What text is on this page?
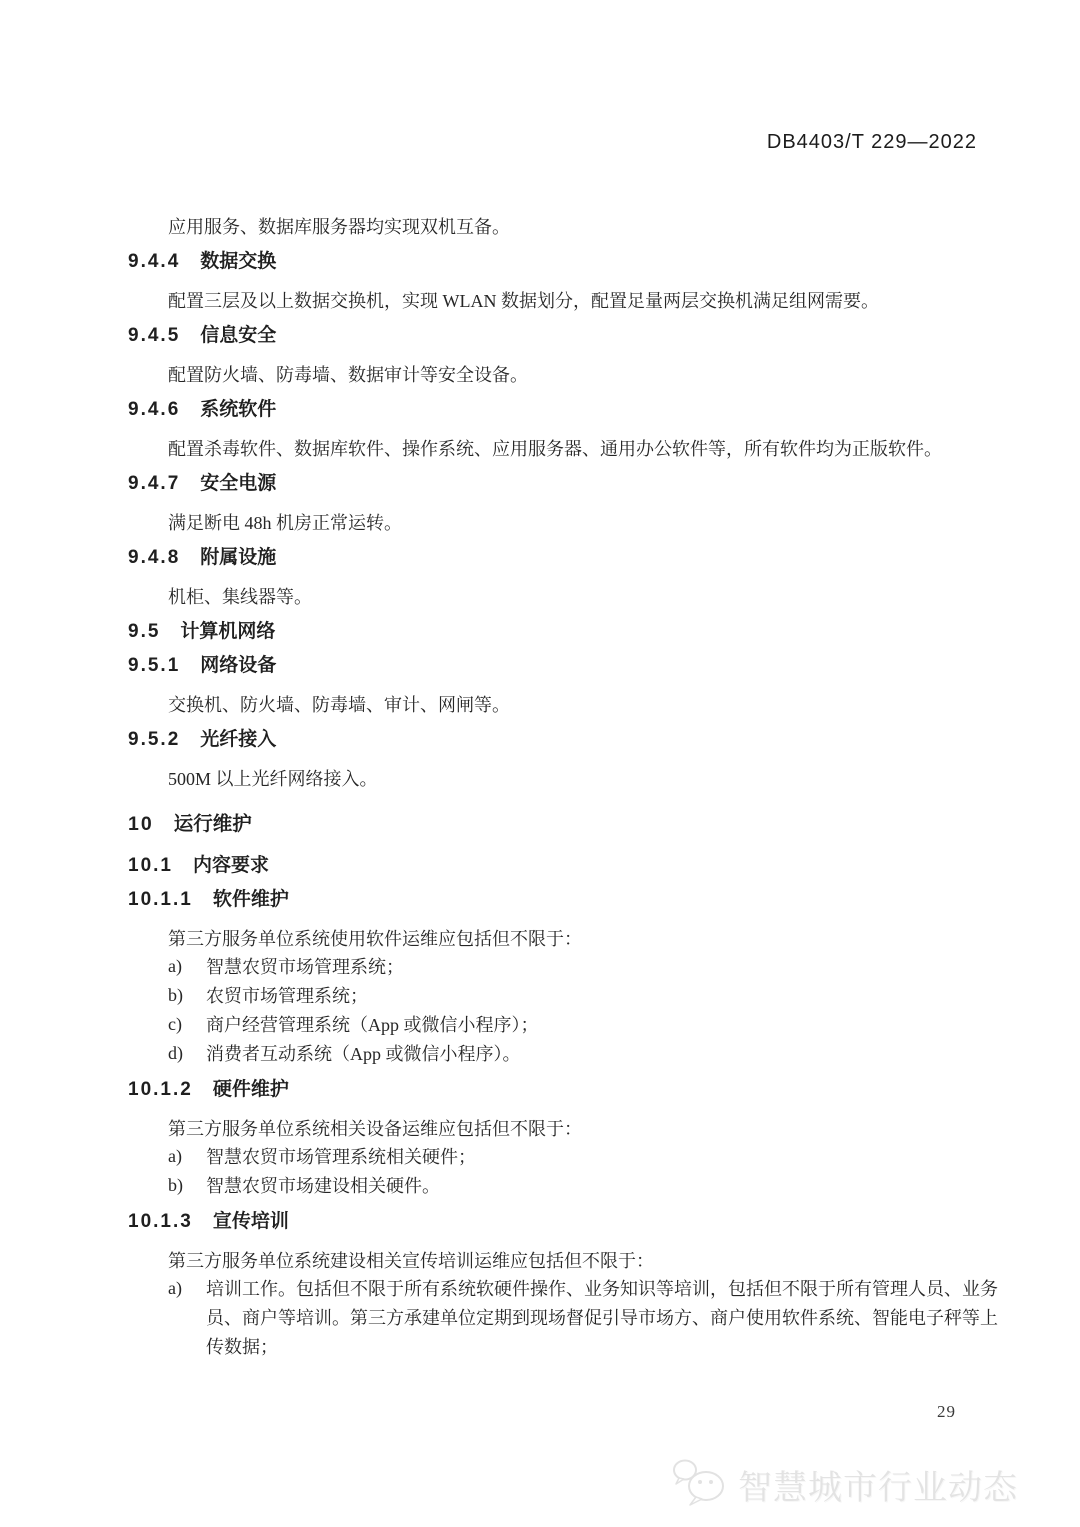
DB4403/T 229—2022

应用服务、数据库服务器均实现双机互备。

9.4.4 数据交换

配置三层及以上数据交换机，实现 WLAN 数据划分，配置足量两层交换机满足组网需要。

9.4.5 信息安全

配置防火墙、防毒墙、数据审计等安全设备。

9.4.6 系统软件

配置杀毒软件、数据库软件、操作系统、应用服务器、通用办公软件等，所有软件均为正版软件。

9.4.7 安全电源

满足断电 48h 机房正常运转。

9.4.8 附属设施

机柜、集线器等。

9.5 计算机网络
9.5.1 网络设备

交换机、防火墙、防毒墙、审计、网闸等。

9.5.2 光纤接入

500M 以上光纤网络接入。

10 运行维护
10.1 内容要求
10.1.1 软件维护

第三方服务单位系统使用软件运维应包括但不限于：

a)	智慧农贸市场管理系统；
b)	农贸市场管理系统；
c)	商户经营管理系统（App 或微信小程序）；
d)	消费者互动系统（App 或微信小程序）。
10.1.2 硬件维护

第三方服务单位系统相关设备运维应包括但不限于：

a)	智慧农贸市场管理系统相关硬件；
b)	智慧农贸市场建设相关硬件。
10.1.3 宣传培训

第三方服务单位系统建设相关宣传培训运维应包括但不限于：

a)	培训工作。包括但不限于所有系统软硬件操作、业务知识等培训，包括但不限于所有管理人员、业务员、商户等培训。第三方承建单位定期到现场督促引导市场方、商户使用软件系统、智能电子秤等上传数据；
29
智慧城市行业动态
